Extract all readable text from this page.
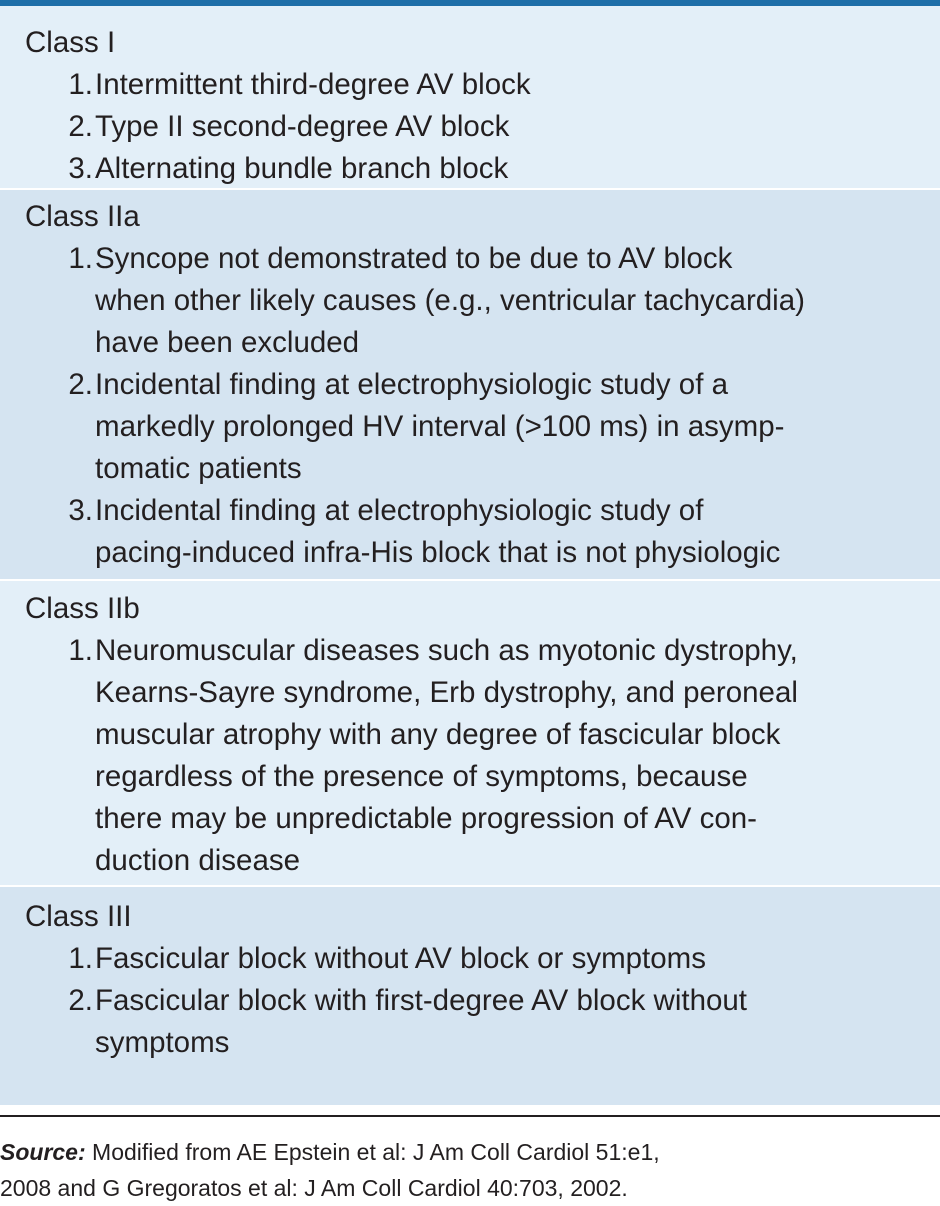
Class I
1. Intermittent third-degree AV block
2. Type II second-degree AV block
3. Alternating bundle branch block
Class IIa
1. Syncope not demonstrated to be due to AV block
when other likely causes (e.g., ventricular tachycardia)
have been excluded
2. Incidental finding at electrophysiologic study of a
markedly prolonged HV interval (>100 ms) in asymp-
tomatic patients
3. Incidental finding at electrophysiologic study of
pacing-induced infra-His block that is not physiologic
Class IIb
1. Neuromuscular diseases such as myotonic dystrophy,
Kearns-Sayre syndrome, Erb dystrophy, and peroneal
muscular atrophy with any degree of fascicular block
regardless of the presence of symptoms, because
there may be unpredictable progression of AV con-
duction disease
Class III
1. Fascicular block without AV block or symptoms
2. Fascicular block with first-degree AV block without
symptoms
Source: Modified from AE Epstein et al: J Am Coll Cardiol 51:e1,
2008 and G Gregoratos et al: J Am Coll Cardiol 40:703, 2002.
